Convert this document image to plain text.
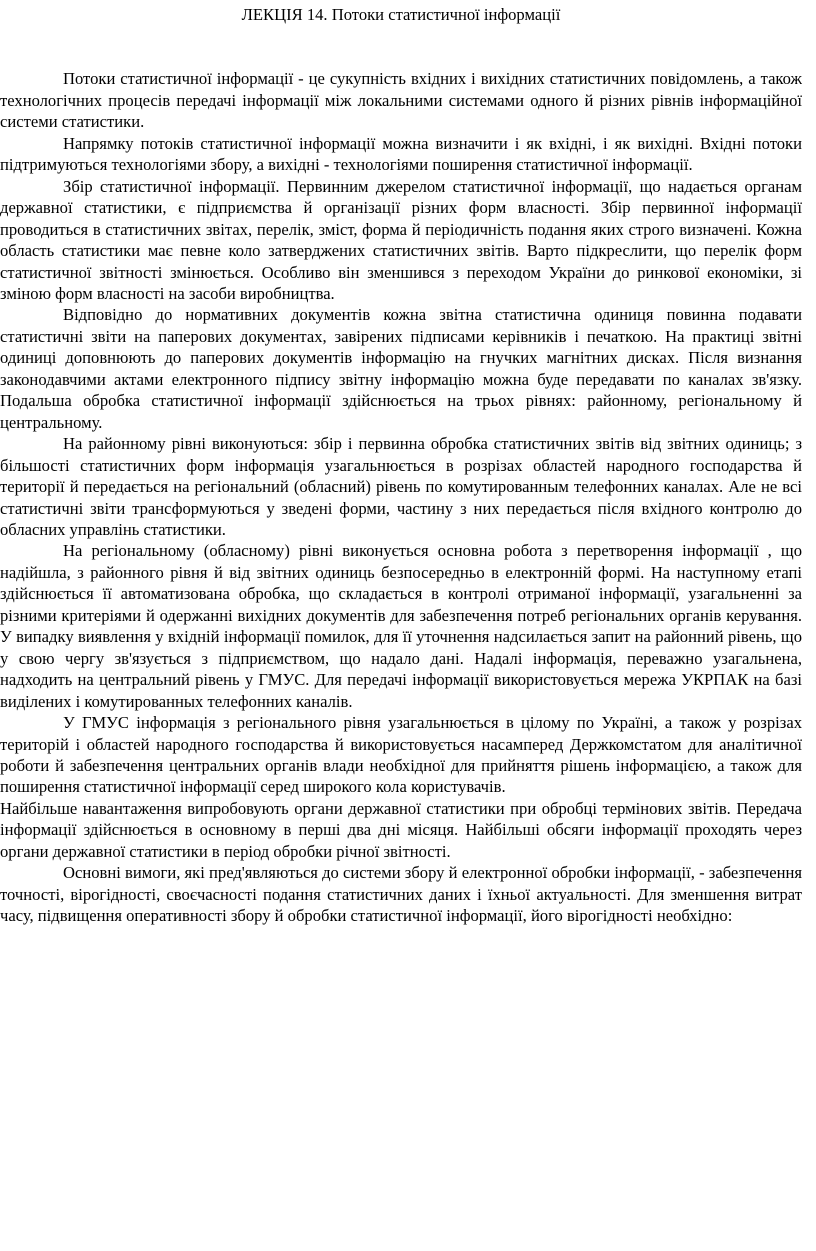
ЛЕКЦІЯ 14. Потоки статистичної інформації

Потоки статистичної інформації - це сукупність вхідних і вихідних статистичних повідомлень, а також технологічних процесів передачі інформації між локальними системами одного й різних рівнів інформаційної системи статистики.

Напрямку потоків статистичної інформації можна визначити і як вхідні, і як вихідні. Вхідні потоки підтримуються технологіями збору, а вихідні - технологіями поширення статистичної інформації.

Збір статистичної інформації. Первинним джерелом статистичної інформації, що надається органам державної статистики, є підприємства й організації різних форм власності. Збір первинної інформації проводиться в статистичних звітах, перелік, зміст, форма й періодичність подання яких строго визначені. Кожна область статистики має певне коло затверджених статистичних звітів. Варто підкреслити, що перелік форм статистичної звітності змінюється. Особливо він зменшився з переходом України до ринкової економіки, зі зміною форм власності на засоби виробництва.

Відповідно до нормативних документів кожна звітна статистична одиниця повинна подавати статистичні звіти на паперових документах, завірених підписами керівників і печаткою. На практиці звітні одиниці доповнюють до паперових документів інформацію на гнучких магнітних дисках. Після визнання законодавчими актами електронного підпису звітну інформацію можна буде передавати по каналах зв'язку. Подальша обробка статистичної інформації здійснюється на трьох рівнях: районному, регіональному й центральному.

На районному рівні виконуються: збір і первинна обробка статистичних звітів від звітних одиниць; з більшості статистичних форм інформація узагальнюється в розрізах областей народного господарства й території й передається на регіональний (обласний) рівень по комутированным телефонних каналах. Але не всі статистичні звіти трансформуються у зведені форми, частину з них передається після вхідного контролю до обласних управлінь статистики.

На регіональному (обласному) рівні виконується основна робота з перетворення інформації , що надійшла, з районного рівня й від звітних одиниць безпосередньо в електронній формі. На наступному етапі здійснюється її автоматизована обробка, що складається в контролі отриманої інформації, узагальненні за різними критеріями й одержанні вихідних документів для забезпечення потреб регіональних органів керування. У випадку виявлення у вхідній інформації помилок, для її уточнення надсилається запит на районний рівень, що у свою чергу зв'язується з підприємством, що надало дані. Надалі інформація, переважно узагальнена, надходить на центральний рівень у ГМУС. Для передачі інформації використовується мережа УКРПАК на базі виділених і комутированных телефонних каналів.

У ГМУС інформація з регіонального рівня узагальнюється в цілому по Україні, а також у розрізах територій і областей народного господарства й використовується насамперед Держкомстатом для аналітичної роботи й забезпечення центральних органів влади необхідної для прийняття рішень інформацією, а також для поширення статистичної інформації серед широкого кола користувачів.

Найбільше навантаження випробовують органи державної статистики при обробці термінових звітів. Передача інформації здійснюється в основному в перші два дні місяця. Найбільші обсяги інформації проходять через органи державної статистики в період обробки річної звітності.

Основні вимоги, які пред'являються до системи збору й електронної обробки інформації, - забезпечення точності, вірогідності, своєчасності подання статистичних даних і їхньої актуальності. Для зменшення витрат часу, підвищення оперативності збору й обробки статистичної інформації, його вірогідності необхідно:
